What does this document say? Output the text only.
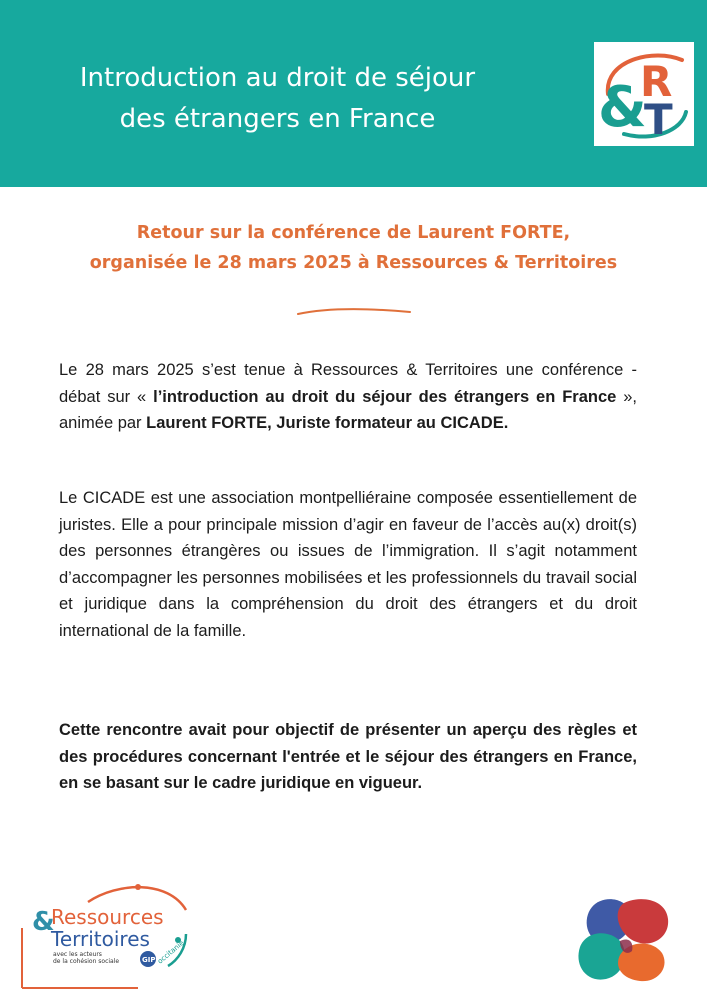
Introduction au droit de séjour
des étrangers en France	&
R
T
Retour sur la conférence de Laurent FORTE,
organisée le 28 mars 2025 à Ressources & Territoires
Le 28 mars 2025 s’est tenue à Ressources & Territoires une conférence - débat sur « l’introduction au droit du séjour des étrangers en France », animée par Laurent FORTE, Juriste formateur au CICADE.
Le CICADE est une association montpelliéraine composée essentiellement de juristes. Elle a pour principale mission d’agir en faveur de l’accès au(x) droit(s) des personnes étrangères ou issues de l’immigration. Il s’agit notamment d’accompagner les personnes mobilisées et les professionnels du travail social et juridique dans la compréhension du droit des étrangers et du droit international de la famille.
Cette rencontre avait pour objectif de présenter un aperçu des règles et des procédures concernant l'entrée et le séjour des étrangers en France, en se basant sur le cadre juridique en vigueur.
&
Ressources
Territoires
avec les acteurs
de la cohésion sociale	GIP occitanie
